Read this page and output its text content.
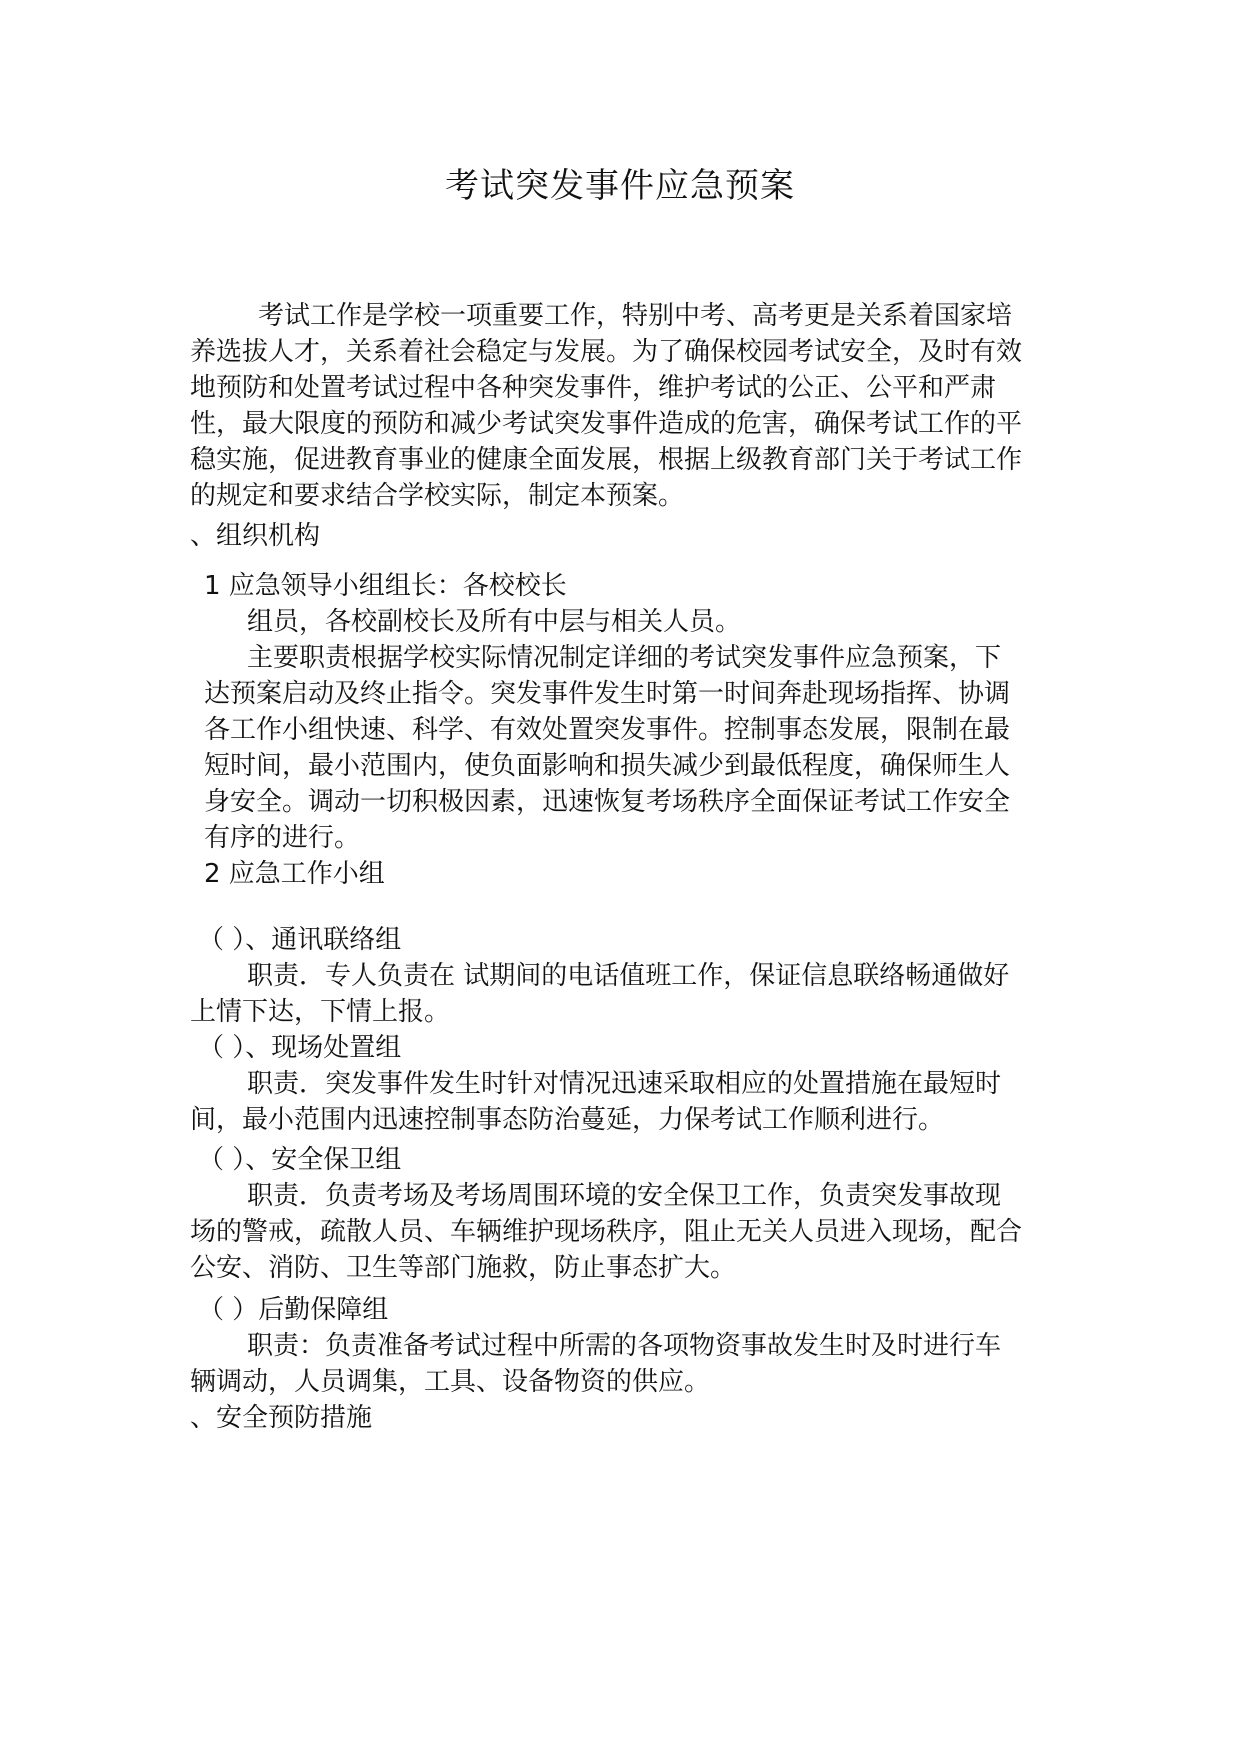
考试突发事件应急预案

考试工作是学校一项重要工作，特别中考、高考更是关系着国家培

养选拔人才，关系着社会稳定与发展。为了确保校园考试安全，及时有效

地预防和处置考试过程中各种突发事件，维护考试的公正、公平和严肃

性，最大限度的预防和减少考试突发事件造成的危害，确保考试工作的平

稳实施，促进教育事业的健康全面发展，根据上级教育部门关于考试工作

的规定和要求结合学校实际，制定本预案。

、组织机构

1 应急领导小组组长：各校校长

组员，各校副校长及所有中层与相关人员。

主要职责根据学校实际情况制定详细的考试突发事件应急预案，下

达预案启动及终止指令。突发事件发生时第一时间奔赴现场指挥、协调

各工作小组快速、科学、有效处置突发事件。控制事态发展，限制在最

短时间，最小范围内，使负面影响和损失减少到最低程度，确保师生人

身安全。调动一切积极因素，迅速恢复考场秩序全面保证考试工作安全

有序的进行。

2 应急工作小组

（ ）、通讯联络组

职责．专人负责在 试期间的电话值班工作，保证信息联络畅通做好

上情下达，下情上报。

（ ）、现场处置组

职责．突发事件发生时针对情况迅速采取相应的处置措施在最短时

间，最小范围内迅速控制事态防治蔓延，力保考试工作顺利进行。

（ ）、安全保卫组

职责．负责考场及考场周围环境的安全保卫工作，负责突发事故现

场的警戒，疏散人员、车辆维护现场秩序，阻止无关人员进入现场，配合

公安、消防、卫生等部门施救，防止事态扩大。

（ ）后勤保障组

职责：负责准备考试过程中所需的各项物资事故发生时及时进行车

辆调动，人员调集，工具、设备物资的供应。

、安全预防措施
